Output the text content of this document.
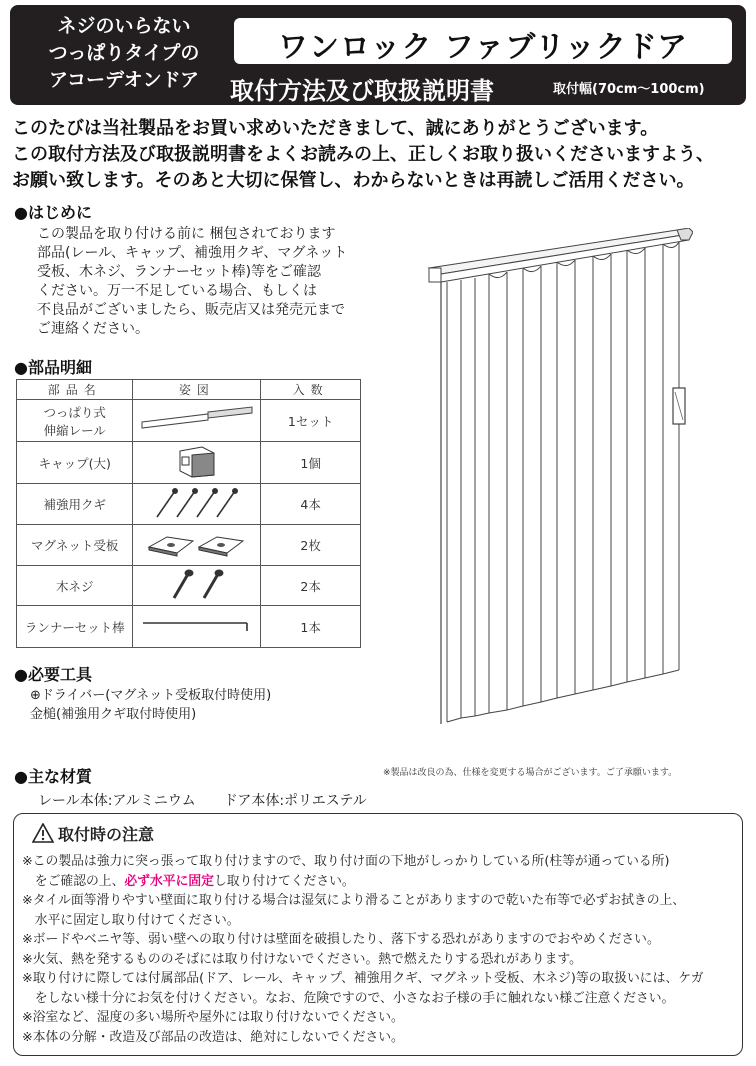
ネジのいらない
つっぱりタイプの
アコーデオンドア
ワンロック ファブリックドア
取付方法及び取扱説明書	取付幅(70cm〜100cm)
このたびは当社製品をお買い求めいただきまして、誠にありがとうございます。
この取付方法及び取扱説明書をよくお読みの上、正しくお取り扱いくださいますよう、
お願い致します。そのあと大切に保管し、わからないときは再読しご活用ください。
●はじめに
この製品を取り付ける前に 梱包されております
部品(レール、キャップ、補強用クギ、マグネット
受板、木ネジ、ランナーセット棒)等をご確認
ください。万一不足している場合、もしくは
不良品がございましたら、販売店又は発売元まで
ご連絡ください。
●部品明細
部品名	姿図	入数

つっぱり式
伸縮レール		1セット
キャップ(大)		1個
補強用クギ		4本
マグネット受板		2枚
木ネジ		2本
ランナーセット棒		1本
●必要工具
⊕ドライバー(マグネット受板取付時使用)
金槌(補強用クギ取付時使用)
●主な材質	※製品は改良の為、仕様を変更する場合がございます。ご了承願います。
レール本体:アルミニウム　　ドア本体:ポリエステル
取付時の注意
※この製品は強力に突っ張って取り付けますので、取り付け面の下地がしっかりしている所(柱等が通っている所)
　をご確認の上、必ず水平に固定し取り付けてください。
※タイル面等滑りやすい壁面に取り付ける場合は湿気により滑ることがありますので乾いた布等で必ずお拭きの上、
　水平に固定し取り付けてください。
※ボードやベニヤ等、弱い壁への取り付けは壁面を破損したり、落下する恐れがありますのでおやめください。
※火気、熱を発するもののそばには取り付けないでください。熱で燃えたりする恐れがあります。
※取り付けに際しては付属部品(ドア、レール、キャップ、補強用クギ、マグネット受板、木ネジ)等の取扱いには、ケガ
　をしない様十分にお気を付けください。なお、危険ですので、小さなお子様の手に触れない様ご注意ください。
※浴室など、湿度の多い場所や屋外には取り付けないでください。
※本体の分解・改造及び部品の改造は、絶対にしないでください。
